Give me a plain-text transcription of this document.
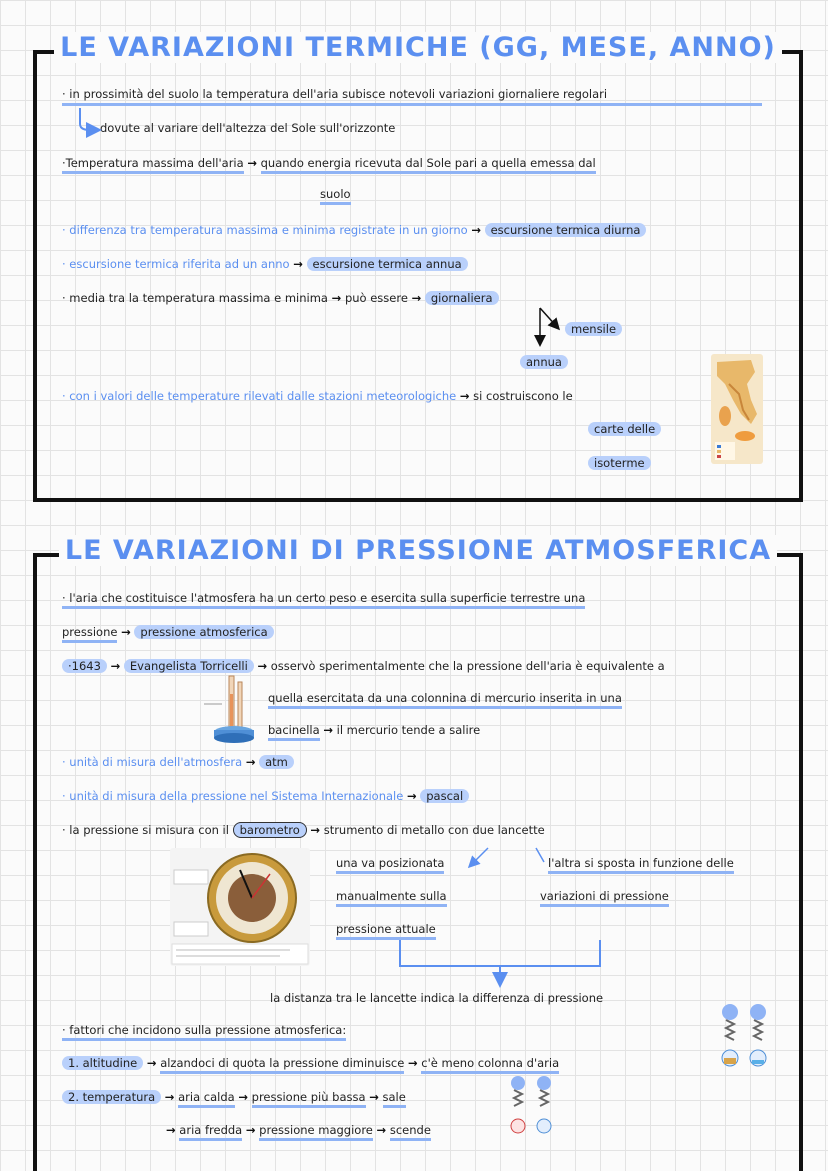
LE VARIAZIONI TERMICHE (GG, MESE, ANNO)
· in prossimità del suolo la temperatura dell'aria subisce notevoli variazioni giornaliere regolari
dovute al variare dell'altezza del Sole sull'orizzonte
·Temperatura massima dell'aria → quando energia ricevuta dal Sole pari a quella emessa dal
suolo
· differenza tra temperatura massima e minima registrate in un giorno → escursione termica diurna
· escursione termica riferita ad un anno → escursione termica annua
· media tra la temperatura massima e minima → può essere → giornaliera
mensile
annua
· con i valori delle temperature rilevati dalle stazioni meteorologiche → si costruiscono le
carte delle
isoterme
LE VARIAZIONI DI PRESSIONE ATMOSFERICA
· l'aria che costituisce l'atmosfera ha un certo peso e esercita sulla superficie terrestre una
pressione → pressione atmosferica
·1643 → Evangelista Torricelli → osservò sperimentalmente che la pressione dell'aria è equivalente a
quella esercitata da una colonnina di mercurio inserita in una
bacinella → il mercurio tende a salire
· unità di misura dell'atmosfera → atm
· unità di misura della pressione nel Sistema Internazionale → pascal
· la pressione si misura con il barometro → strumento di metallo con due lancette
una va posizionata
manualmente sulla
pressione attuale
l'altra si sposta in funzione delle
variazioni di pressione
la distanza tra le lancette indica la differenza di pressione
· fattori che incidono sulla pressione atmosferica:
1. altitudine → alzandoci di quota la pressione diminuisce → c'è meno colonna d'aria
2. temperatura → aria calda → pressione più bassa → sale
→ aria fredda → pressione maggiore → scende
